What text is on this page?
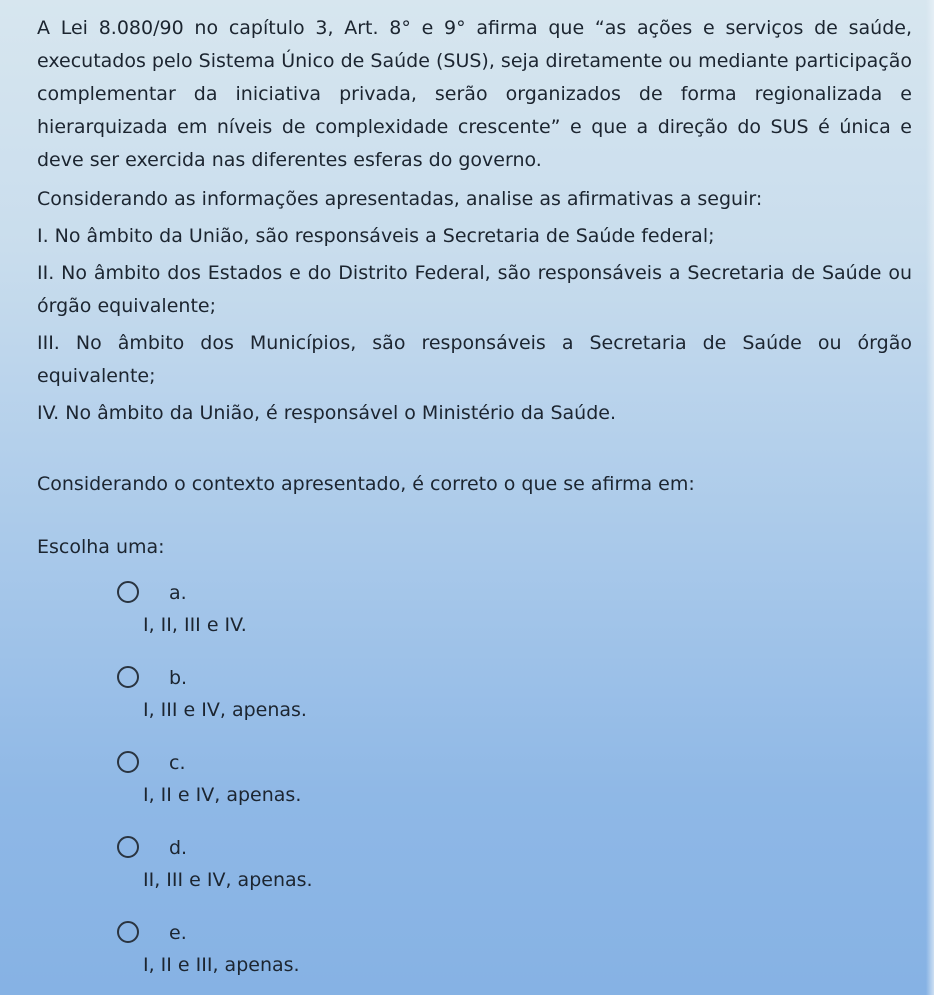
A Lei 8.080/90 no capítulo 3, Art. 8° e 9° afirma que “as ações e serviços de saúde, executados pelo Sistema Único de Saúde (SUS), seja diretamente ou mediante participação complementar da iniciativa privada, serão organizados de forma regionalizada e hierarquizada em níveis de complexidade crescente” e que a direção do SUS é única e deve ser exercida nas diferentes esferas do governo.

Considerando as informações apresentadas, analise as afirmativas a seguir:

I. No âmbito da União, são responsáveis a Secretaria de Saúde federal;

II. No âmbito dos Estados e do Distrito Federal, são responsáveis a Secretaria de Saúde ou órgão equivalente;

III. No âmbito dos Municípios, são responsáveis a Secretaria de Saúde ou órgão equivalente;

IV. No âmbito da União, é responsável o Ministério da Saúde.

Considerando o contexto apresentado, é correto o que se afirma em:

Escolha uma:

a.
I, II, III e IV.
b.
I, III e IV, apenas.
c.
I, II e IV, apenas.
d.
II, III e IV, apenas.
e.
I, II e III, apenas.
